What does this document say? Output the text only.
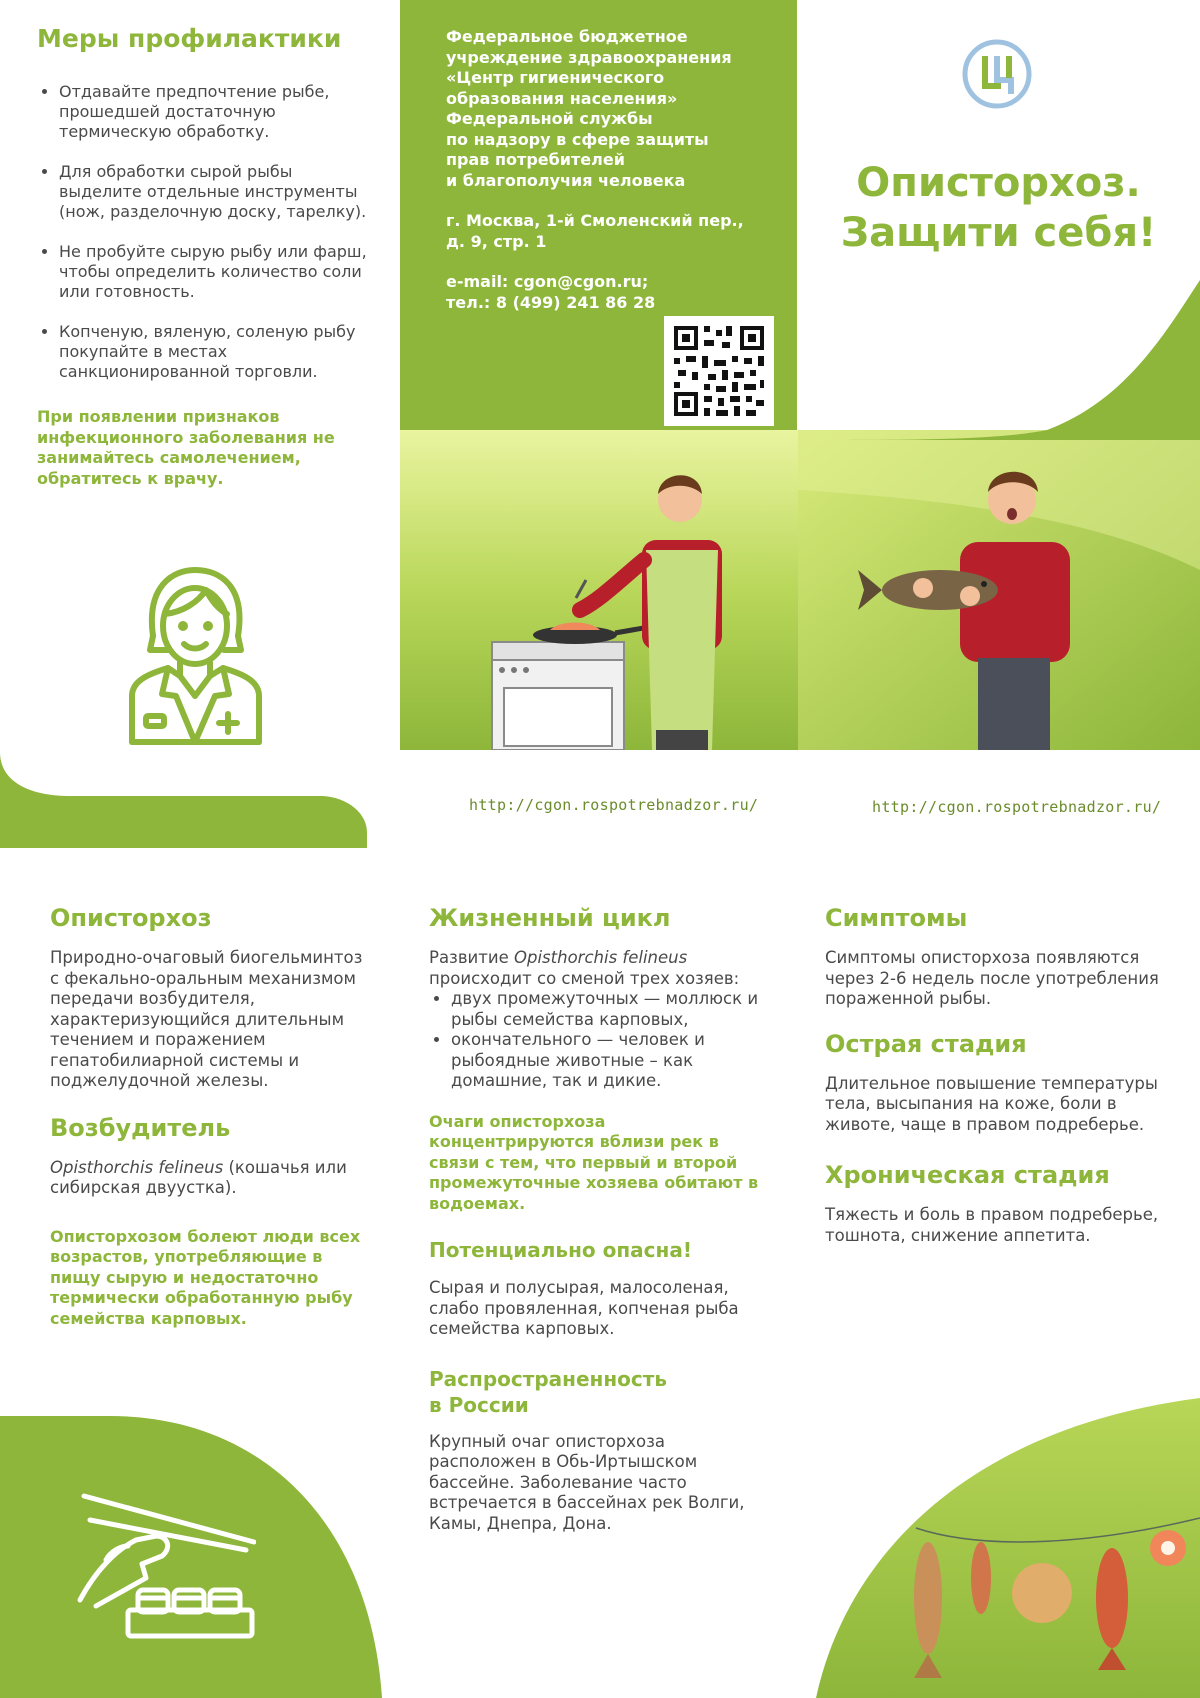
Меры профилактики
• Отдавайте предпочтение рыбе, прошедшей достаточную термическую обработку.
• Для обработки сырой рыбы выделите отдельные инструменты (нож, разделочную доску, тарелку).
• Не пробуйте сырую рыбу или фарш, чтобы определить количество соли или готовность.
• Копченую, вяленую, соленую рыбу покупайте в местах санкционированной торговли.
При появлении признаков инфекционного заболевания не занимайтесь самолечением, обратитесь к врачу.
Федеральное бюджетное
учреждение здравоохранения
«Центр гигиенического
образования населения»
Федеральной службы
по надзору в сфере защиты
прав потребителей
и благополучия человека
г. Москва, 1-й Смоленский пер.,
д. 9, стр. 1
e-mail: cgon@cgon.ru;
тел.: 8 (499) 241 86 28
http://cgon.rospotrebnadzor.ru/
Описторхоз.
Защити себя!
http://cgon.rospotrebnadzor.ru/
Описторхоз
Природно-очаговый биогельминтоз с фекально-оральным механизмом передачи возбудителя, характеризующийся длительным течением и поражением гепатобилиарной системы и поджелудочной железы.
Возбудитель
Opisthorchis felineus (кошачья или сибирская двуустка).
Описторхозом болеют люди всех возрастов, употребляющие в пищу сырую и недостаточно термически обработанную рыбу семейства карповых.
Жизненный цикл
Развитие Opisthorchis felineus происходит со сменой трех хозяев:
• двух промежуточных — моллюск и рыбы семейства карповых,
• окончательного — человек и рыбоядные животные – как домашние, так и дикие.
Очаги описторхоза концентрируются вблизи рек в связи с тем, что первый и второй промежуточные хозяева обитают в водоемах.
Потенциально опасна!
Сырая и полусырая, малосоленая, слабо провяленная, копченая рыба семейства карповых.
Распространенность
в России
Крупный очаг описторхоза расположен в Обь-Иртышском бассейне. Заболевание часто встречается в бассейнах рек Волги, Камы, Днепра, Дона.
Симптомы
Симптомы описторхоза появляются через 2-6 недель после употребления пораженной рыбы.
Острая стадия
Длительное повышение температуры тела, высыпания на коже, боли в животе, чаще в правом подреберье.
Хроническая стадия
Тяжесть и боль в правом подреберье, тошнота, снижение аппетита.
